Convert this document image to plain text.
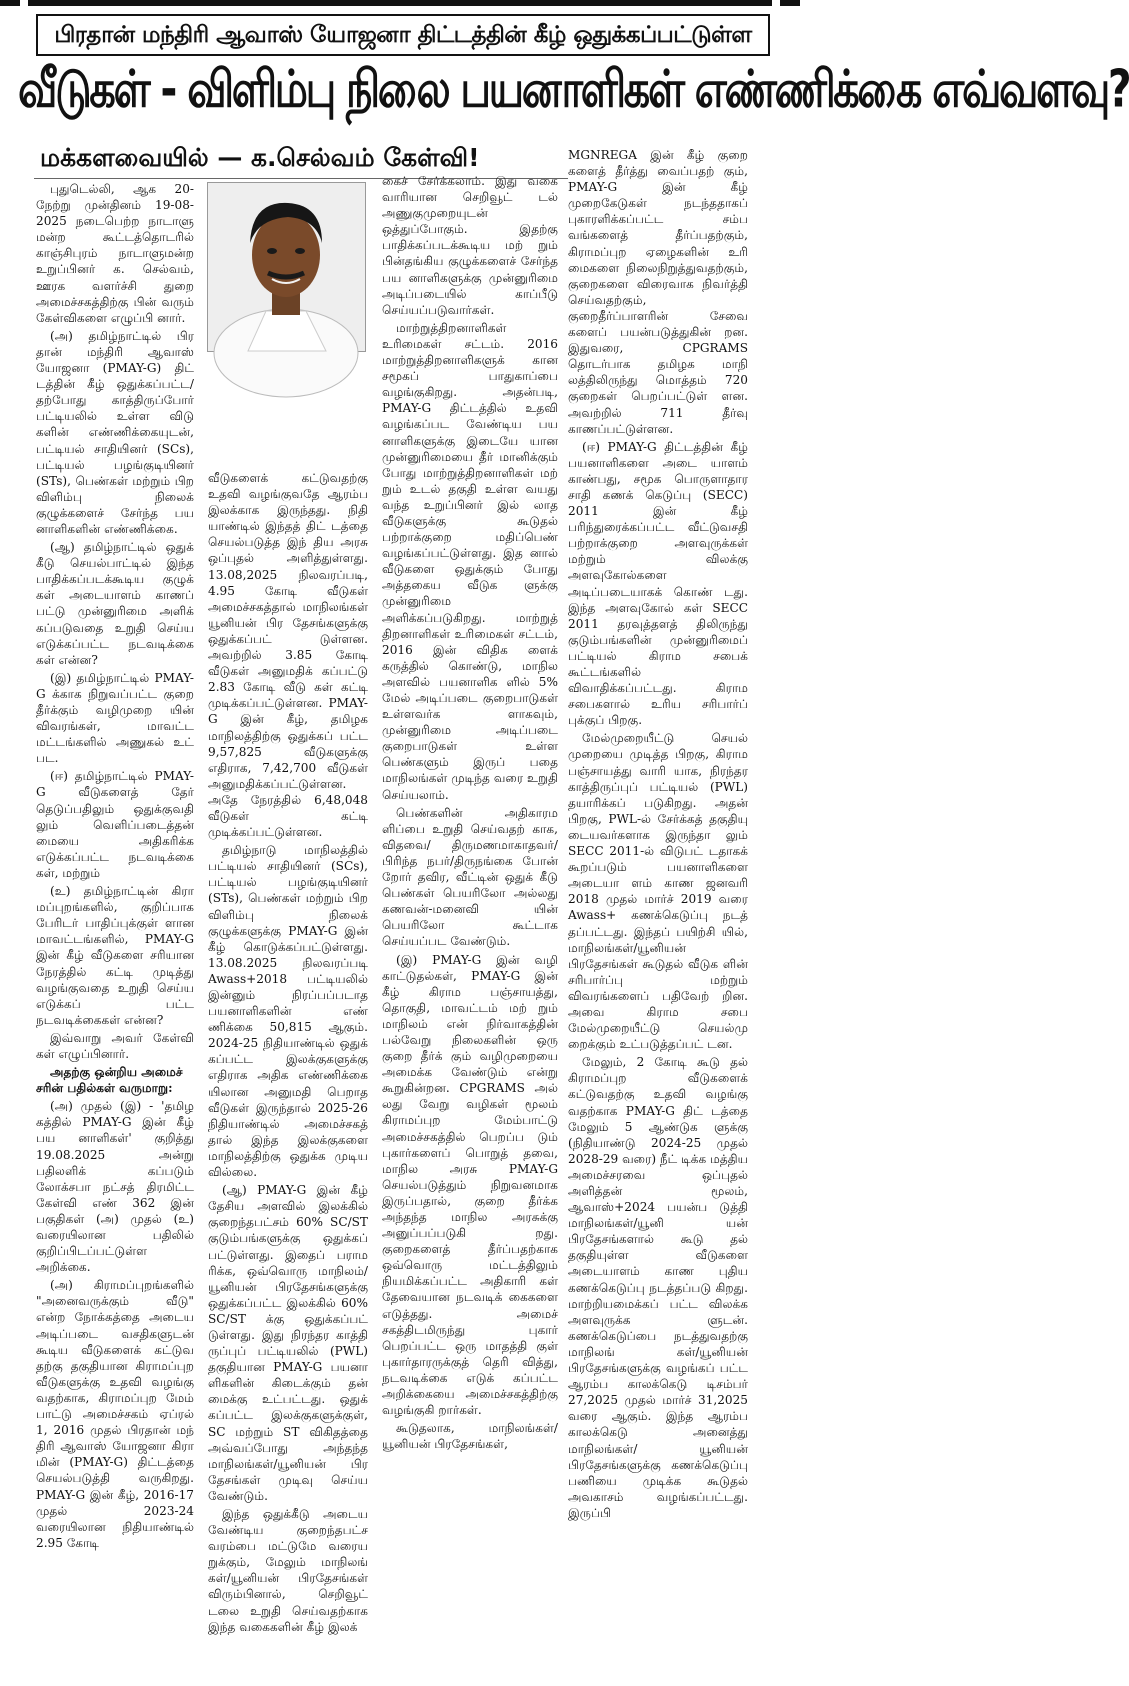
பிரதான் மந்திரி ஆவாஸ் யோஜனா திட்டத்தின் கீழ் ஒதுக்கப்பட்டுள்ள
வீடுகள் - விளிம்பு நிலை பயனாளிகள் எண்ணிக்கை எவ்வளவு?
மக்களவையில் — க.செல்வம் கேள்வி!

புதுடெல்லி, ஆக 20- நேற்று முன்தினம் 19-08-2025 நடைபெற்ற நாடாளு மன்ற கூட்டத்தொடரில் காஞ்சிபுரம் நாடாளுமன்ற உறுப்பினர் க. செல்வம், ஊரக வளர்ச்சி துறை அமைச்சகத்திற்கு பின் வரும் கேள்விகளை எழுப்பி னார்.

(அ) தமிழ்நாட்டில் பிர தான் மந்திரி ஆவாஸ் யோஜனா (PMAY-G) திட் டத்தின் கீழ் ஒதுக்கப்பட்ட/ தற்போது காத்திருப்போர் பட்டியலில் உள்ள விடு களின் எண்ணிக்கையுடன், பட்டியல் சாதியினர் (SCs), பட்டியல் பழங்குடியினர் (STs), பெண்கள் மற்றும் பிற விளிம்பு நிலைக் குழுக்களைச் சேர்ந்த பய னாளிகளின் எண்ணிக்கை.

(ஆ) தமிழ்நாட்டில் ஒதுக் கீடு செயல்பாட்டில் இந்த பாதிக்கப்படக்கூடிய குழுக் கள் அடையாளம் காணப் பட்டு முன்னுரிமை அளிக் கப்படுவதை உறுதி செய்ய எடுக்கப்பட்ட நடவடிக்கை கள் என்ன?

(இ) தமிழ்நாட்டில் PMAY-G க்காக நிறுவப்பட்ட குறை தீர்க்கும் வழிமுறை யின் விவரங்கள், மாவட்ட மட்டங்களில் அணுகல் உட் பட.

(ஈ) தமிழ்நாட்டில் PMAY-G வீடுகளைத் தேர் தெடுப்பதிலும் ஒதுக்குவதி லும் வெளிப்படைத்தன் மையை அதிகரிக்க எடுக்கப்பட்ட நடவடிக்கை கள், மற்றும்

(உ) தமிழ்நாட்டின் கிரா மப்புறங்களில், குறிப்பாக பேரிடர் பாதிப்புக்குள் ளான மாவட்டங்களில், PMAY-G இன் கீழ் வீடுகளை சரியான நேரத்தில் கட்டி முடித்து வழங்குவதை உறுதி செய்ய எடுக்கப் பட்ட நடவடிக்கைகள் என்ன?

இவ்வாறு அவர் கேள்வி கள் எழுப்பினார்.

அதற்கு ஒன்றிய அமைச் சரின் பதில்கள் வருமாறு:

(அ) முதல் (இ) - 'தமிழ கத்தில் PMAY-G இன் கீழ் பய னாளிகள்' குறித்து 19.08.2025 அன்று பதிலளிக் கப்படும் லோக்சபா நட்சத் திரமிட்ட கேள்வி எண் 362 இன் பகுதிகள் (அ) முதல் (உ) வரையிலான பதிலில் குறிப்பிடப்பட்டுள்ள அறிக்கை.

(அ) கிராமப்புறங்களில் "அனைவருக்கும் வீடு" என்ற நோக்கத்தை அடைய அடிப்படை வசதிகளுடன் கூடிய வீடுகளைக் கட்டுவ தற்கு தகுதியான கிராமப்புற வீடுகளுக்கு உதவி வழங்கு வதற்காக, கிராமப்புற மேம் பாட்டு அமைச்சகம் ஏப்ரல் 1, 2016 முதல் பிரதான் மந் திரி ஆவாஸ் யோஜனா கிரா மின் (PMAY-G) திட்டத்தை செயல்படுத்தி வருகிறது. PMAY-G இன் கீழ், 2016-17 முதல் 2023-24 வரையிலான நிதியாண்டில் 2.95 கோடி

வீடுகளைக் கட்டுவதற்கு உதவி வழங்குவதே ஆரம்ப இலக்காக இருந்தது. நிதி யாண்டில் இந்தத் திட் டத்தை செயல்படுத்த இந் திய அரசு ஒப்புதல் அளித்துள்ளது. 13.08,2025 நிலவரப்படி, 4.95 கோடி வீடுகள் அமைச்சகத்தால் மாநிலங்கள் யூனியன் பிர தேசங்களுக்கு ஒதுக்கப்பட் டுள்ளன. அவற்றில் 3.85 கோடி வீடுகள் அனுமதிக் கப்பட்டு 2.83 கோடி வீடு கள் கட்டி முடிக்கப்பட்டுள்ளன. PMAY-G இன் கீழ், தமிழக மாநிலத்திற்கு ஒதுக்கப் பட்ட 9,57,825 வீடுகளுக்கு எதிராக, 7,42,700 வீடுகள் அனுமதிக்கப்பட்டுள்ளன. அதே நேரத்தில் 6,48,048 வீடுகள் கட்டி முடிக்கப்பட்டுள்ளன.

தமிழ்நாடு மாநிலத்தில் பட்டியல் சாதியினர் (SCs), பட்டியல் பழங்குடியினர் (STs), பெண்கள் மற்றும் பிற விளிம்பு நிலைக் குழுக்களுக்கு PMAY-G இன் கீழ் கொடுக்கப்பட்டுள்ளது. 13.08.2025 நிலவரப்படி Awass+2018 பட்டியலில் இன்னும் நிரப்பப்படாத பயனாளிகளின் எண் ணிக்கை 50,815 ஆகும். 2024-25 நிதியாண்டில் ஒதுக் கப்பட்ட இலக்குகளுக்கு எதிராக அதிக எண்ணிக்கை யிலான அனுமதி பெறாத வீடுகள் இருந்தால் 2025-26 நிதியாண்டில் அமைச்சகத் தால் இந்த இலக்குகளை மாநிலத்திற்கு ஒதுக்க முடிய வில்லை.

(ஆ) PMAY-G இன் கீழ் தேசிய அளவில் இலக்கில் குறைந்தபட்சம் 60% SC/ST குடும்பங்களுக்கு ஒதுக்கப் பட்டுள்ளது. இதைப் பராம ரிக்க, ஒவ்வொரு மாநிலம்/ யூனியன் பிரதேசங்களுக்கு ஒதுக்கப்பட்ட இலக்கில் 60% SC/ST க்கு ஒதுக்கப்பட் டுள்ளது. இது நிரந்தர காத்தி ருப்புப் பட்டியலில் (PWL) தகுதியான PMAY-G பயனா ளிகளின் கிடைக்கும் தன் மைக்கு உட்பட்டது. ஒதுக் கப்பட்ட இலக்குகளுக்குள், SC மற்றும் ST விகிதத்தை அவ்வப்போது அந்தந்த மாநிலங்கள்/யூனியன் பிர தேசங்கள் முடிவு செய்ய வேண்டும்.

இந்த ஒதுக்கீடு அடைய வேண்டிய குறைந்தபட்ச வரம்பை மட்டுமே வரைய றுக்கும், மேலும் மாநிலங் கள்/யூனியன் பிரதேசங்கள் விரும்பினால், செறிவூட் டலை உறுதி செய்வதற்காக இந்த வகைகளின் கீழ் இலக்

கைச் சேர்க்கலாம். இது வகை வாரியான செறிவூட் டல் அணுகுமுறையுடன் ஒத்துப்போகும். இதற்கு பாதிக்கப்படக்கூடிய மற் றும் பின்தங்கிய குழுக்களைச் சேர்ந்த பய னாளிகளுக்கு முன்னுரிமை அடிப்படையில் காப்பீடு செய்யப்படுவார்கள்.

மாற்றுத்திறனாளிகள் உரிமைகள் சட்டம். 2016 மாற்றுத்திறனாளிகளுக் கான சமூகப் பாதுகாப்பை வழங்குகிறது. அதன்படி, PMAY-G திட்டத்தில் உதவி வழங்கப்பட வேண்டிய பய னாளிகளுக்கு இடையே யான முன்னுரிமையை தீர் மானிக்கும் போது மாற்றுத்திறனாளிகள் மற் றும் உடல் தகுதி உள்ள வயது வந்த உறுப்பினர் இல் லாத வீடுகளுக்கு கூடுதல் பற்றாக்குறை மதிப்பெண் வழங்கப்பட்டுள்ளது. இத னால் வீடுகளை ஒதுக்கும் போது அத்தகைய வீடுக ளுக்கு முன்னுரிமை அளிக்கப்படுகிறது. மாற்றுத் திறனாளிகள் உரிமைகள் சட்டம், 2016 இன் விதிக ளைக் கருத்தில் கொண்டு, மாநில அளவில் பயனாளிக ளில் 5% மேல் அடிப்படை குறைபாடுகள் உள்ளவர்க ளாகவும், முன்னுரிமை அடிப்படை குறைபாடுகள் உள்ள பெண்களும் இருப் பதை மாநிலங்கள் முடிந்த வரை உறுதி செய்யலாம்.

பெண்களின் அதிகாரம ளிப்பை உறுதி செய்வதற் காக, விதவை/ திருமணமாகாதவர்/பிரிந்த நபர்/திருநங்கை போன் றோர் தவிர, வீட்டின் ஒதுக் கீடு பெண்கள் பெயரிலோ அல்லது கணவன்-மனைவி யின் பெயரிலோ கூட்டாக செய்யப்பட வேண்டும்.

(இ) PMAY-G இன் வழி காட்டுதல்கள், PMAY-G இன் கீழ் கிராம பஞ்சாயத்து, தொகுதி, மாவட்டம் மற் றும் மாநிலம் என் நிர்வாகத்தின் பல்வேறு நிலைகளின் ஒரு குறை தீர்க் கும் வழிமுறையை அமைக்க வேண்டும் என்று கூறுகின்றன. CPGRAMS அல் லது வேறு வழிகள் மூலம் கிராமப்புற மேம்பாட்டு அமைச்சகத்தில் பெறப்ப டும் புகார்களைப் பொறுத் தவை, மாநில அரசு PMAY-G செயல்படுத்தும் நிறுவனமாக இருப்பதால், குறை தீர்க்க அந்தந்த மாநில அரசுக்கு அனுப்பப்படுகி றது. குறைகளைத் தீர்ப்பதற்காக ஒவ்வொரு மட்டத்திலும் நியமிக்கப்பட்ட அதிகாரி கள் தேவையான நடவடிக் கைகளை எடுத்தது. அமைச் சகத்திடமிருந்து புகார் பெறப்பட்ட ஒரு மாதத்தி குள் புகார்தாரருக்குத் தெரி வித்து, நடவடிக்கை எடுக் கப்பட்ட அறிக்கையை அமைச்சகத்திற்கு வழங்குகி றார்கள்.

கூடுதலாக, மாநிலங்கள்/ யூனியன் பிரதேசங்கள்,

MGNREGA இன் கீழ் குறை களைத் தீர்த்து வைப்பதற் கும், PMAY-G இன் கீழ் முறைகேடுகள் நடந்ததாகப் புகாரளிக்கப்பட்ட சம்ப வங்களைத் தீர்ப்பதற்கும், கிராமப்புற ஏழைகளின் உரி மைகளை நிலைநிறுத்துவதற்கும், குறைகளை விரைவாக நிவர்த்தி செய்வதற்கும், குறைதீர்ப்பாளரின் சேவை களைப் பயன்படுத்துகின் றன. இதுவரை, CPGRAMS தொடர்பாக தமிழக மாநி லத்திலிருந்து மொத்தம் 720 குறைகள் பெறப்பட்டுள் ளன. அவற்றில் 711 தீர்வு காணப்பட்டுள்ளன.

(ஈ) PMAY-G திட்டத்தின் கீழ் பயனாளிகளை அடை யாளம் காண்பது, சமூக பொருளாதார சாதி கணக் கெடுப்பு (SECC) 2011 இன் கீழ் பரிந்துரைக்கப்பட்ட வீட்டுவசதி பற்றாக்குறை அளவுருக்கள் மற்றும் விலக்கு அளவுகோல்களை அடிப்படையாகக் கொண் டது. இந்த அளவுகோல் கள் SECC 2011 தரவுத்தளத் திலிருந்து குடும்பங்களின் முன்னுரிமைப் பட்டியல் கிராம சபைக் கூட்டங்களில் விவாதிக்கப்பட்டது. கிராம சபைகளால் உரிய சரிபார்ப் புக்குப் பிறகு.

மேல்முறையீட்டு செயல் முறையை முடித்த பிறகு, கிராம பஞ்சாயத்து வாரி யாக, நிரந்தர காத்திருப்புப் பட்டியல் (PWL) தயாரிக்கப் படுகிறது. அதன் பிறகு, PWL-ல் சேர்க்கத் தகுதியு டையவர்களாக இருந்தா லும் SECC 2011-ல் விடுபட் டதாகக் கூறப்படும் பயனாளிகளை அடையா ளம் காண ஜனவரி 2018 முதல் மார்ச் 2019 வரை Awass+ கணக்கெடுப்பு நடத் தப்பட்டது. இந்தப் பயிற்சி யில், மாநிலங்கள்/யூனியன் பிரதேசங்கள் கூடுதல் வீடுக ளின் சரிபார்ப்பு மற்றும் விவரங்களைப் பதிவேற் றின. அவை கிராம சபை மேல்முறையீட்டு செயல்மு றைக்கும் உட்படுத்தப்பட் டன.

மேலும், 2 கோடி கூடு தல் கிராமப்புற வீடுகளைக் கட்டுவதற்கு உதவி வழங்கு வதற்காக PMAY-G திட் டத்தை மேலும் 5 ஆண்டுக ளுக்கு (நிதியாண்டு 2024-25 முதல் 2028-29 வரை) நீட் டிக்க மத்திய அமைச்சரவை ஒப்புதல் அளித்தன் மூலம், ஆவாஸ்+2024 பயன்ப டுத்தி மாநிலங்கள்/யூனி யன் பிரதேசங்களால் கூடு தல் தகுதியுள்ள வீடுகளை அடையாளம் காண புதிய கணக்கெடுப்பு நடத்தப்படு கிறது. மாற்றியமைக்கப் பட்ட விலக்க அளவுருக்க ளுடன். கணக்கெடுப்பை நடத்துவதற்கு மாநிலங் கள்/யூனியன் பிரதேசங்களுக்கு வழங்கப் பட்ட ஆரம்ப காலக்கெடு டிசம்பர் 27,2025 முதல் மார்ச் 31,2025 வரை ஆகும். இந்த ஆரம்ப காலக்கெடு அனைத்து மாநிலங்கள்/ யூனியன் பிரதேசங்களுக்கு கணக்கெடுப்பு பணியை முடிக்க கூடுதல் அவகாசம் வழங்கப்பட்டது. இருப்பி
